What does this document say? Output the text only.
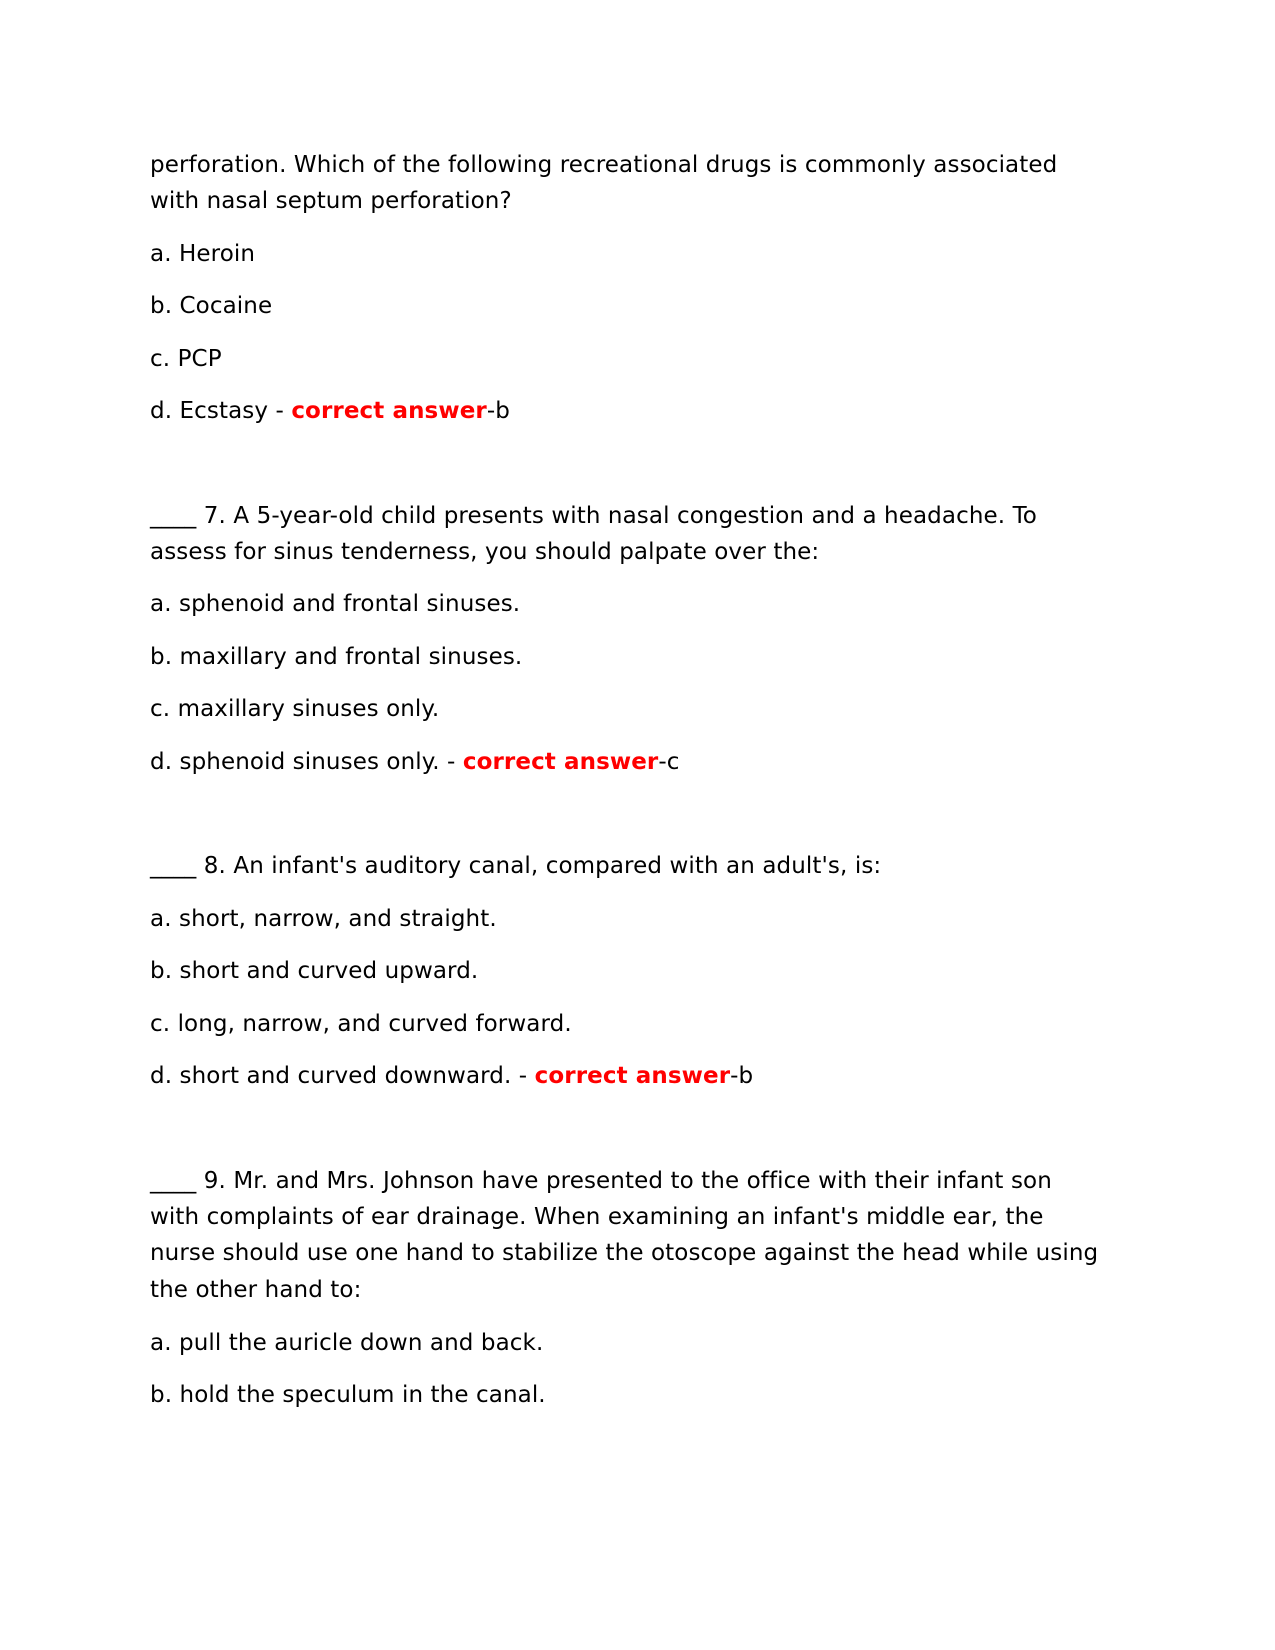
perforation. Which of the following recreational drugs is commonly associated

with nasal septum perforation?

a. Heroin

b. Cocaine

c. PCP

d. Ecstasy - correct answer-b

____ 7. A 5-year-old child presents with nasal congestion and a headache. To

assess for sinus tenderness, you should palpate over the:

a. sphenoid and frontal sinuses.

b. maxillary and frontal sinuses.

c. maxillary sinuses only.

d. sphenoid sinuses only. - correct answer-c

____ 8. An infant's auditory canal, compared with an adult's, is:

a. short, narrow, and straight.

b. short and curved upward.

c. long, narrow, and curved forward.

d. short and curved downward. - correct answer-b

____ 9. Mr. and Mrs. Johnson have presented to the office with their infant son

with complaints of ear drainage. When examining an infant's middle ear, the

nurse should use one hand to stabilize the otoscope against the head while using

the other hand to:

a. pull the auricle down and back.

b. hold the speculum in the canal.
